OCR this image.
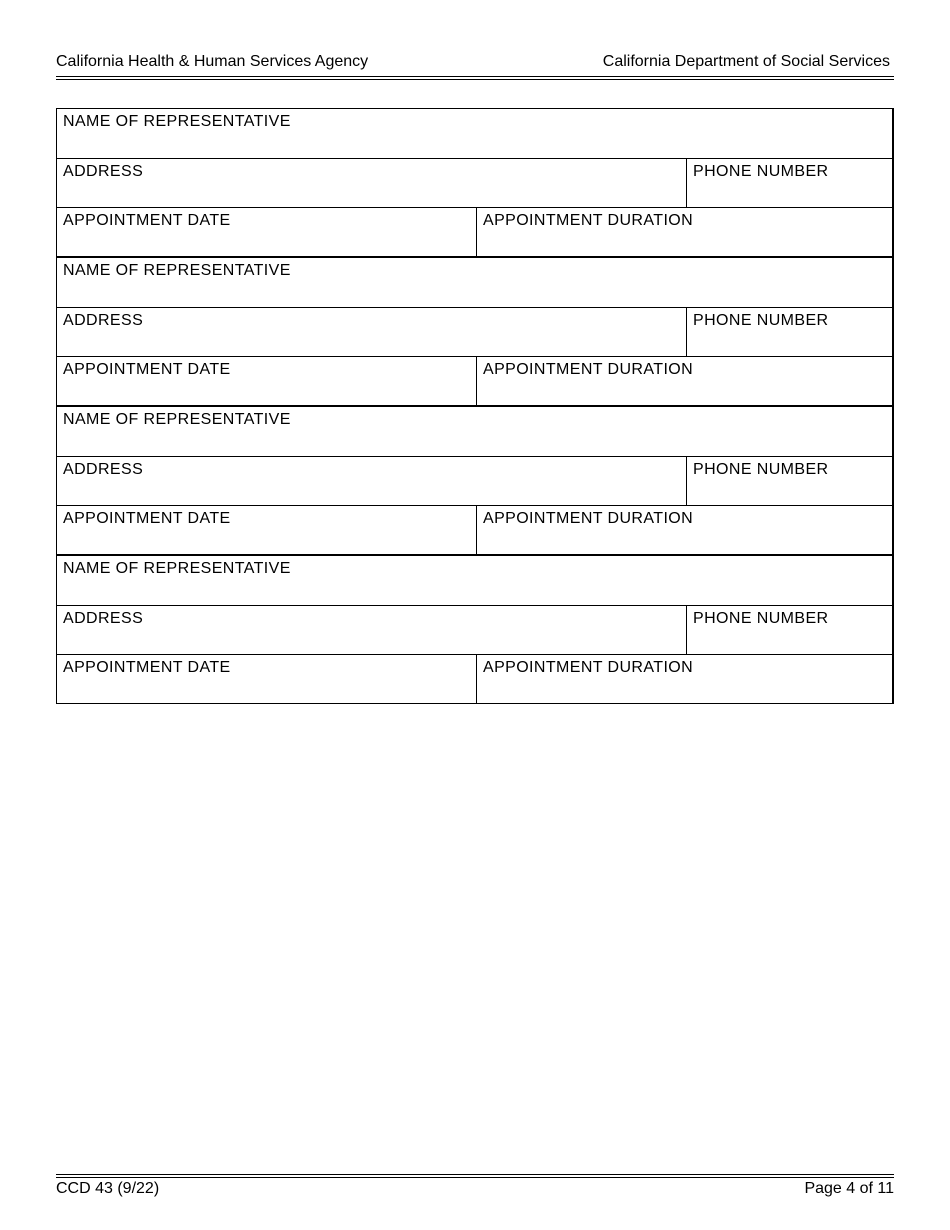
California Health & Human Services Agency	California Department of Social Services
NAME OF REPRESENTATIVE
ADDRESS	PHONE NUMBER
APPOINTMENT DATE	APPOINTMENT DURATION
NAME OF REPRESENTATIVE
ADDRESS	PHONE NUMBER
APPOINTMENT DATE	APPOINTMENT DURATION
NAME OF REPRESENTATIVE
ADDRESS	PHONE NUMBER
APPOINTMENT DATE	APPOINTMENT DURATION
NAME OF REPRESENTATIVE
ADDRESS	PHONE NUMBER
APPOINTMENT DATE	APPOINTMENT DURATION
CCD 43 (9/22)	Page 4 of 11
